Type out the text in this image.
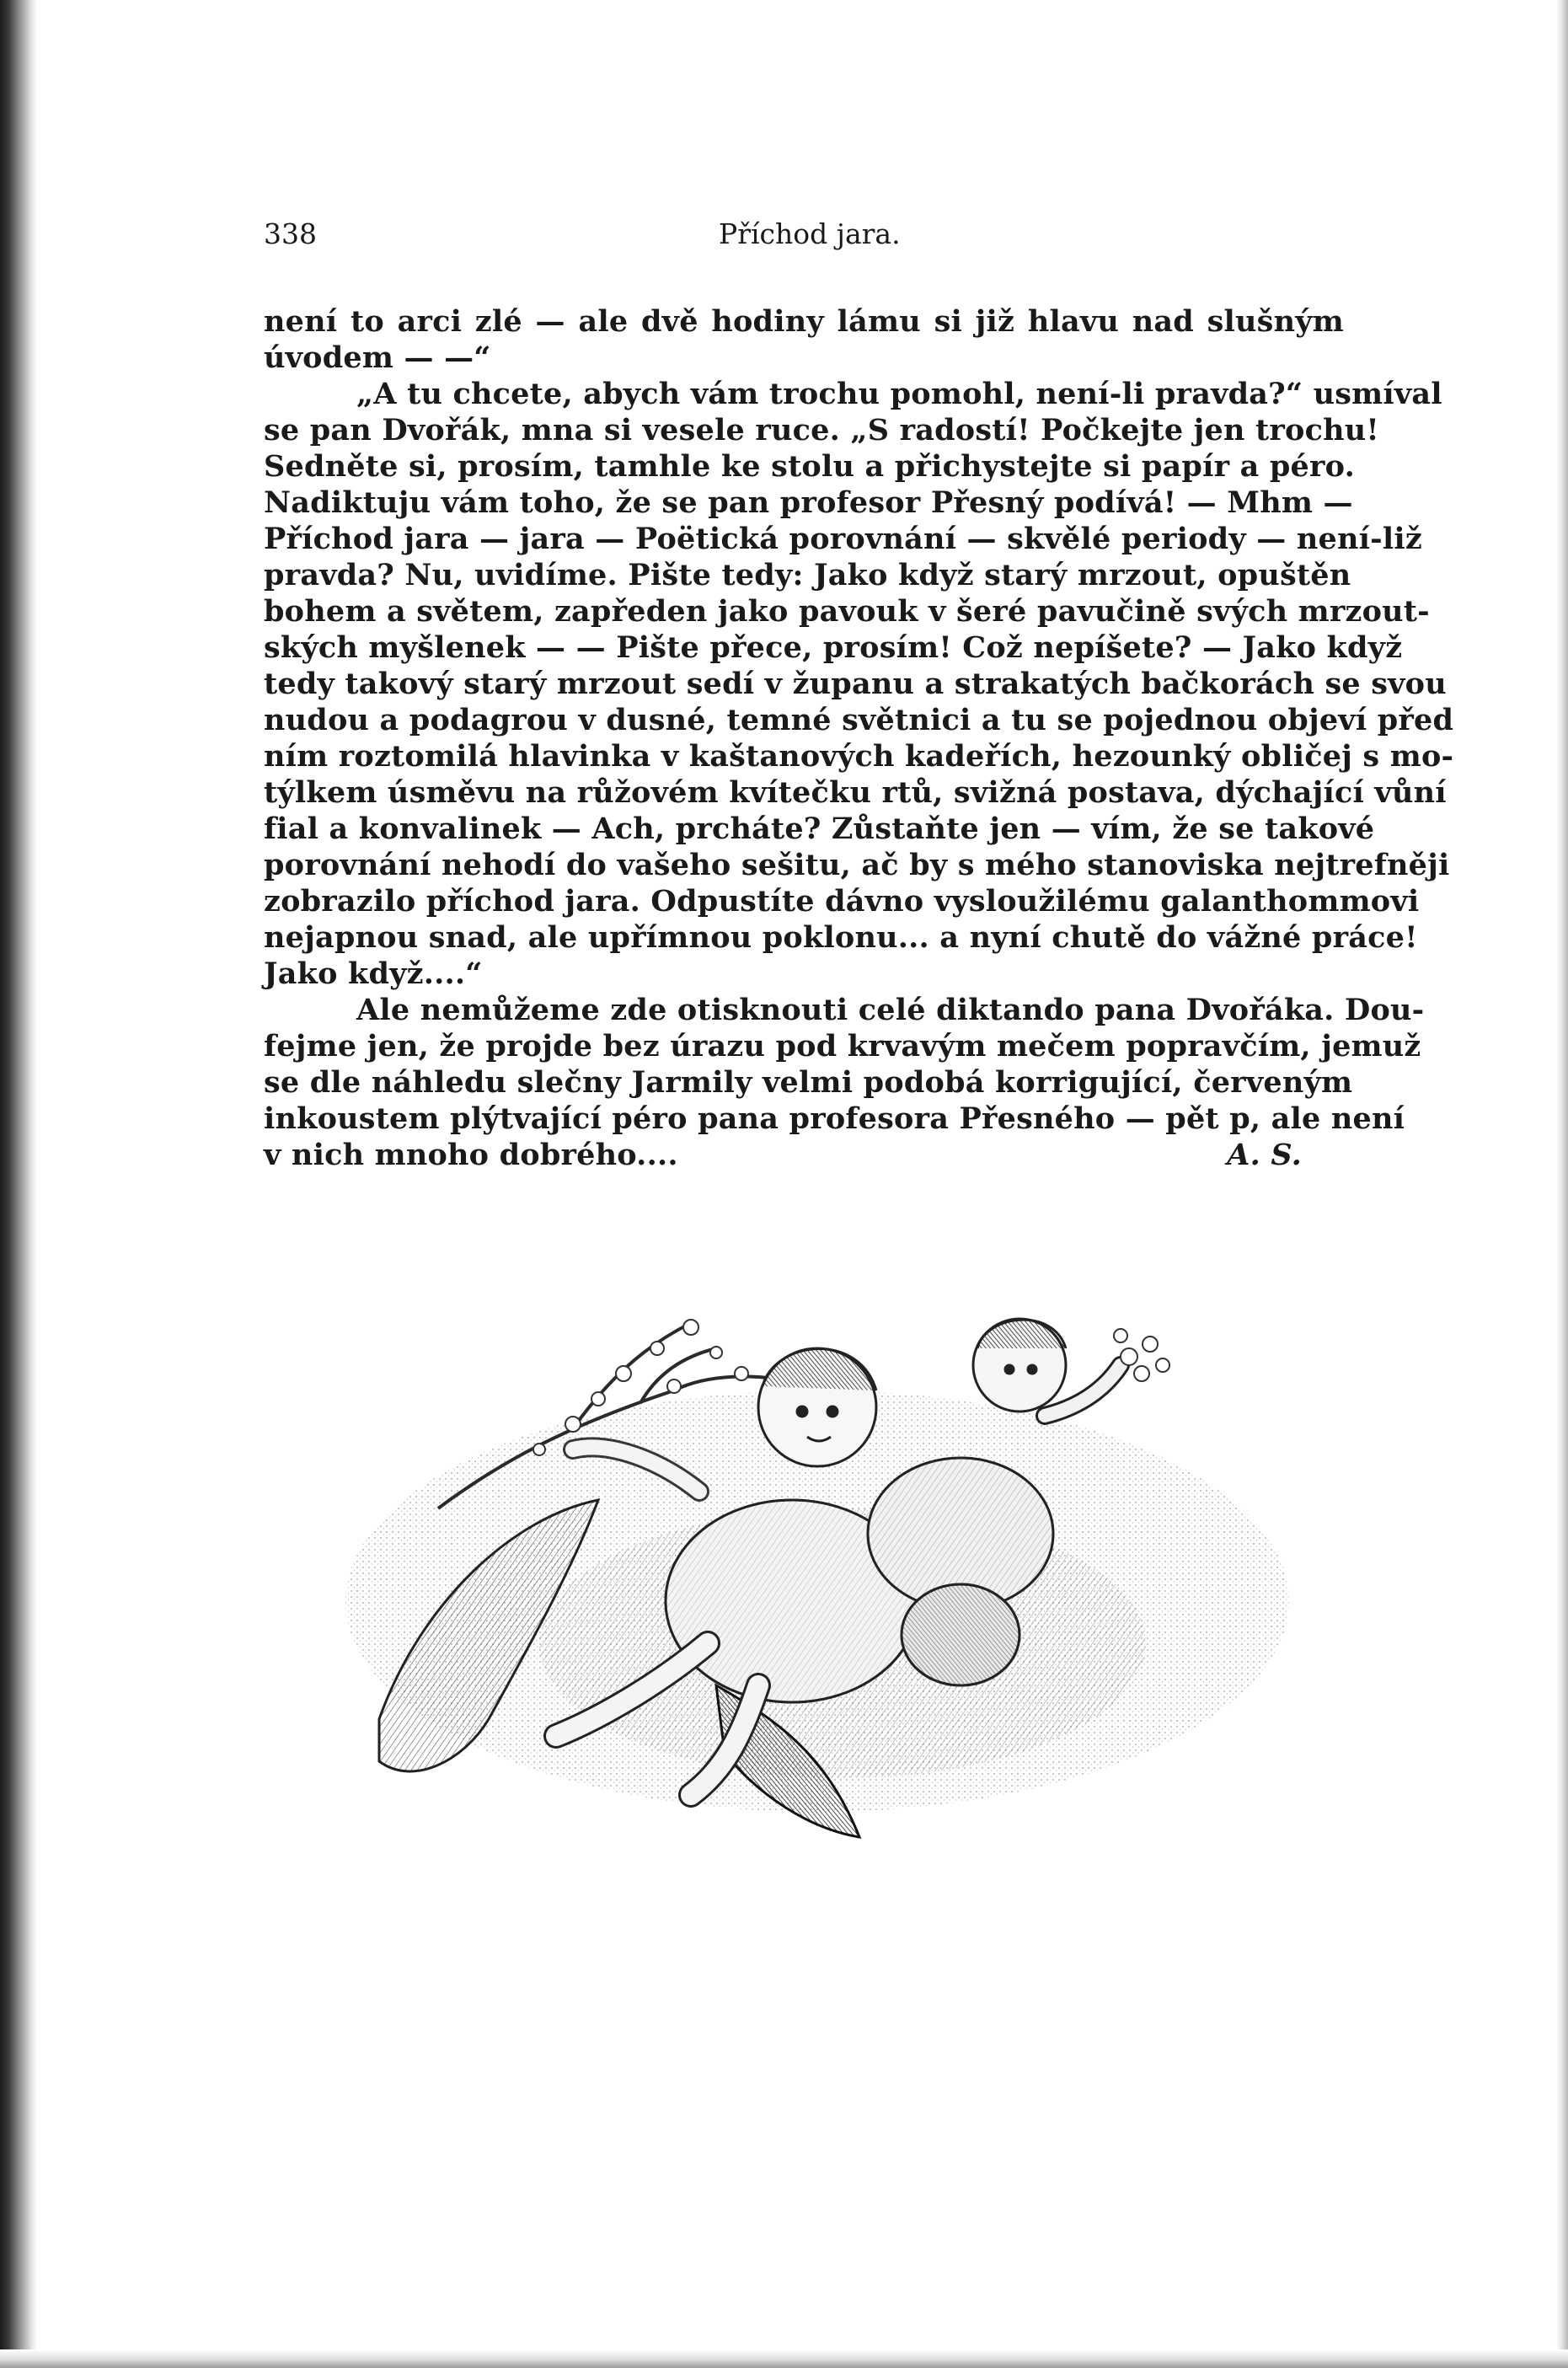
338	Příchod jara.
není to arci zlé — ale dvě hodiny lámu si již hlavu nad slušným
úvodem — —“
„A tu chcete, abych vám trochu pomohl, není-li pravda?“ usmíval
se pan Dvořák, mna si vesele ruce. „S radostí! Počkejte jen trochu!
Sedněte si, prosím, tamhle ke stolu a přichystejte si papír a péro.
Nadiktuju vám toho, že se pan profesor Přesný podívá! — Mhm —
Příchod jara — jara — Poëtická porovnání — skvělé periody — není-liž
pravda? Nu, uvidíme. Pište tedy: Jako když starý mrzout, opuštěn
bohem a světem, zapředen jako pavouk v šeré pavučině svých mrzout-
ských myšlenek — — Pište přece, prosím! Což nepíšete? — Jako když
tedy takový starý mrzout sedí v županu a strakatých bačkorách se svou
nudou a podagrou v dusné, temné světnici a tu se pojednou objeví před
ním roztomilá hlavinka v kaštanových kadeřích, hezounký obličej s mo-
týlkem úsměvu na růžovém kvítečku rtů, svižná postava, dýchající vůní
fial a konvalinek — Ach, prcháte? Zůstaňte jen — vím, že se takové
porovnání nehodí do vašeho sešitu, ač by s mého stanoviska nejtrefněji
zobrazilo příchod jara. Odpustíte dávno vysloužilému galanthommovi
nejapnou snad, ale upřímnou poklonu... a nyní chutě do vážné práce!
Jako když....“
Ale nemůžeme zde otisknouti celé diktando pana Dvořáka. Dou-
fejme jen, že projde bez úrazu pod krvavým mečem popravčím, jemuž
se dle náhledu slečny Jarmily velmi podobá korrigující, červeným
inkoustem plýtvající péro pana profesora Přesného — pět p, ale není
v nich mnoho dobrého....	A. S.
